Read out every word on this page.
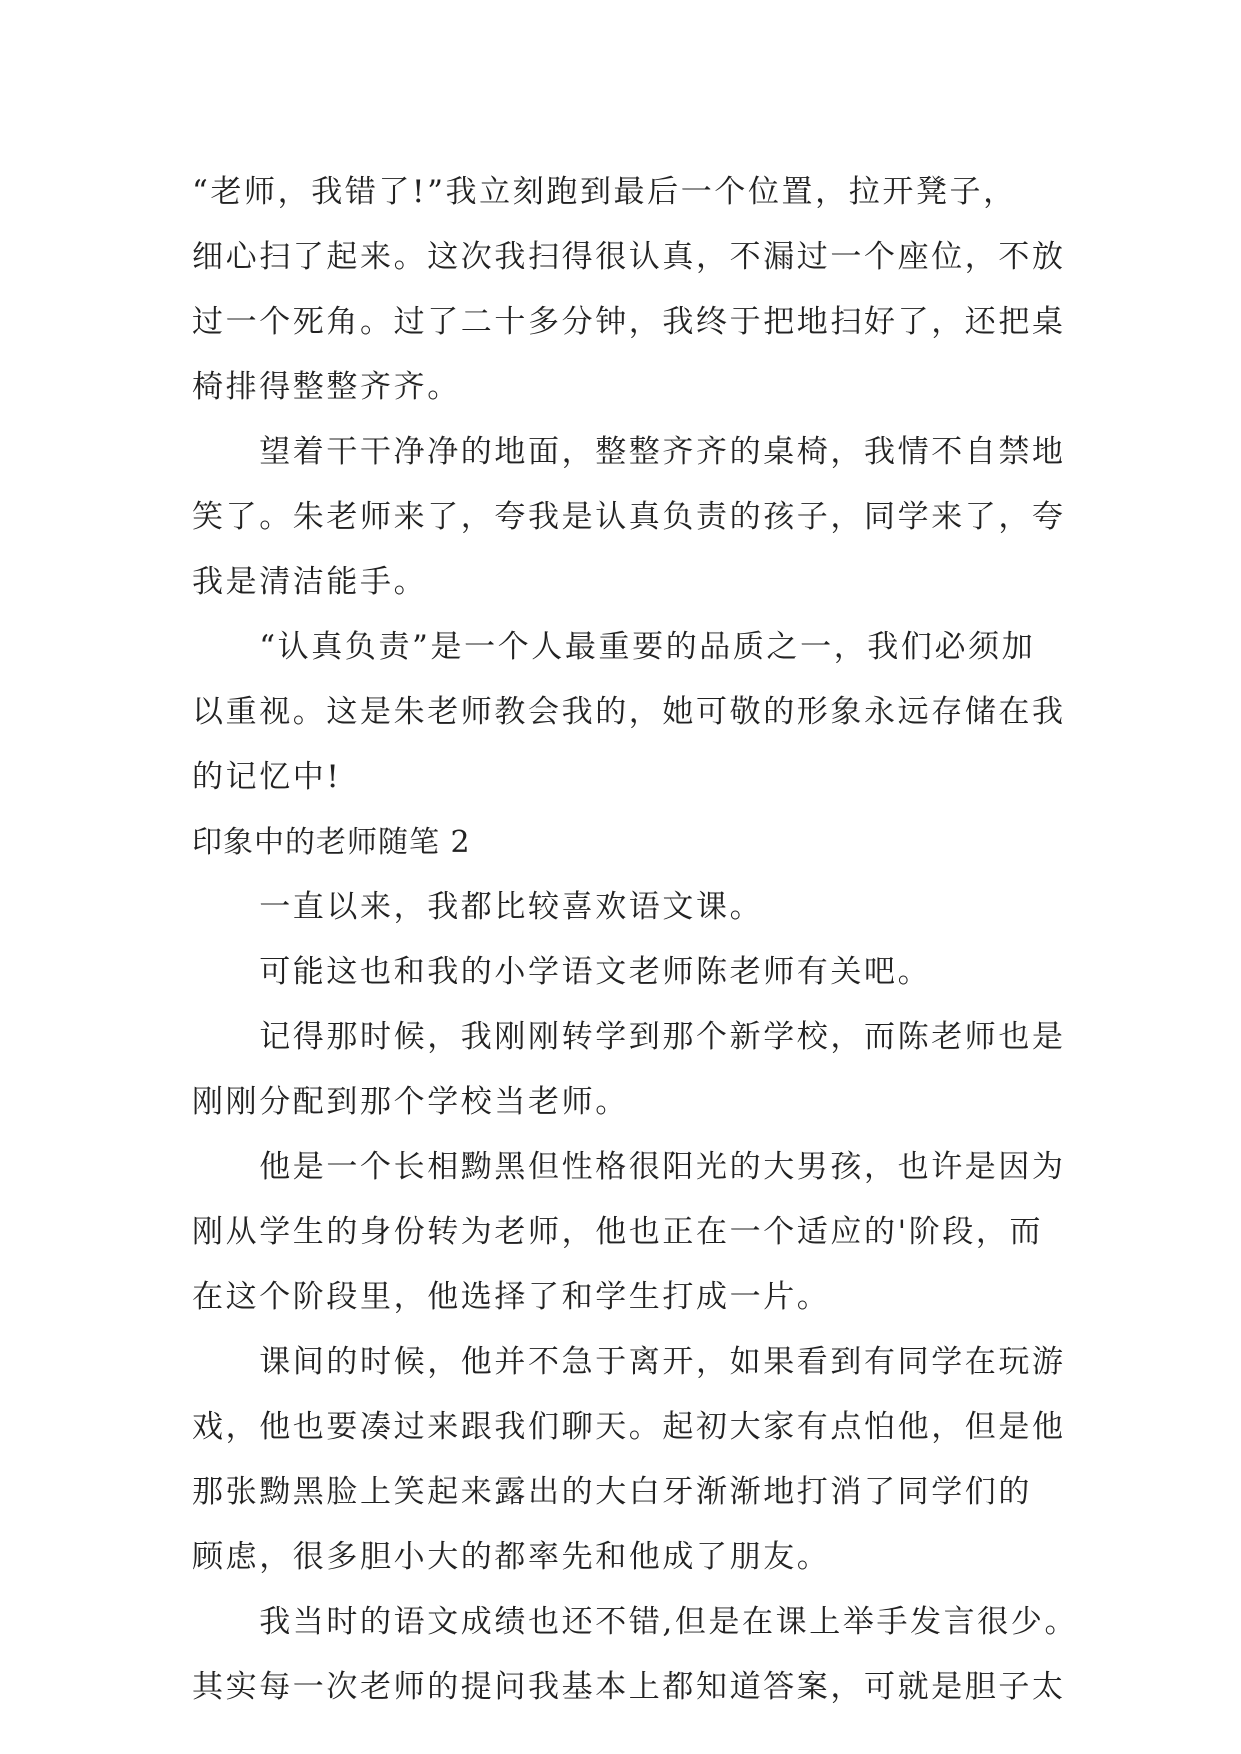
“老师，我错了!”我立刻跑到最后一个位置，拉开凳子，
细心扫了起来。这次我扫得很认真，不漏过一个座位，不放
过一个死角。过了二十多分钟，我终于把地扫好了，还把桌
椅排得整整齐齐。
　　望着干干净净的地面，整整齐齐的桌椅，我情不自禁地
笑了。朱老师来了，夸我是认真负责的孩子，同学来了，夸
我是清洁能手。
　　“认真负责”是一个人最重要的品质之一，我们必须加
以重视。这是朱老师教会我的，她可敬的形象永远存储在我
的记忆中!
印象中的老师随笔 2
　　一直以来，我都比较喜欢语文课。
　　可能这也和我的小学语文老师陈老师有关吧。
　　记得那时候，我刚刚转学到那个新学校，而陈老师也是
刚刚分配到那个学校当老师。
　　他是一个长相黝黑但性格很阳光的大男孩，也许是因为
刚从学生的身份转为老师，他也正在一个适应的'阶段，而
在这个阶段里，他选择了和学生打成一片。
　　课间的时候，他并不急于离开，如果看到有同学在玩游
戏，他也要凑过来跟我们聊天。起初大家有点怕他，但是他
那张黝黑脸上笑起来露出的大白牙渐渐地打消了同学们的
顾虑，很多胆小大的都率先和他成了朋友。
　　我当时的语文成绩也还不错,但是在课上举手发言很少。
其实每一次老师的提问我基本上都知道答案，可就是胆子太
